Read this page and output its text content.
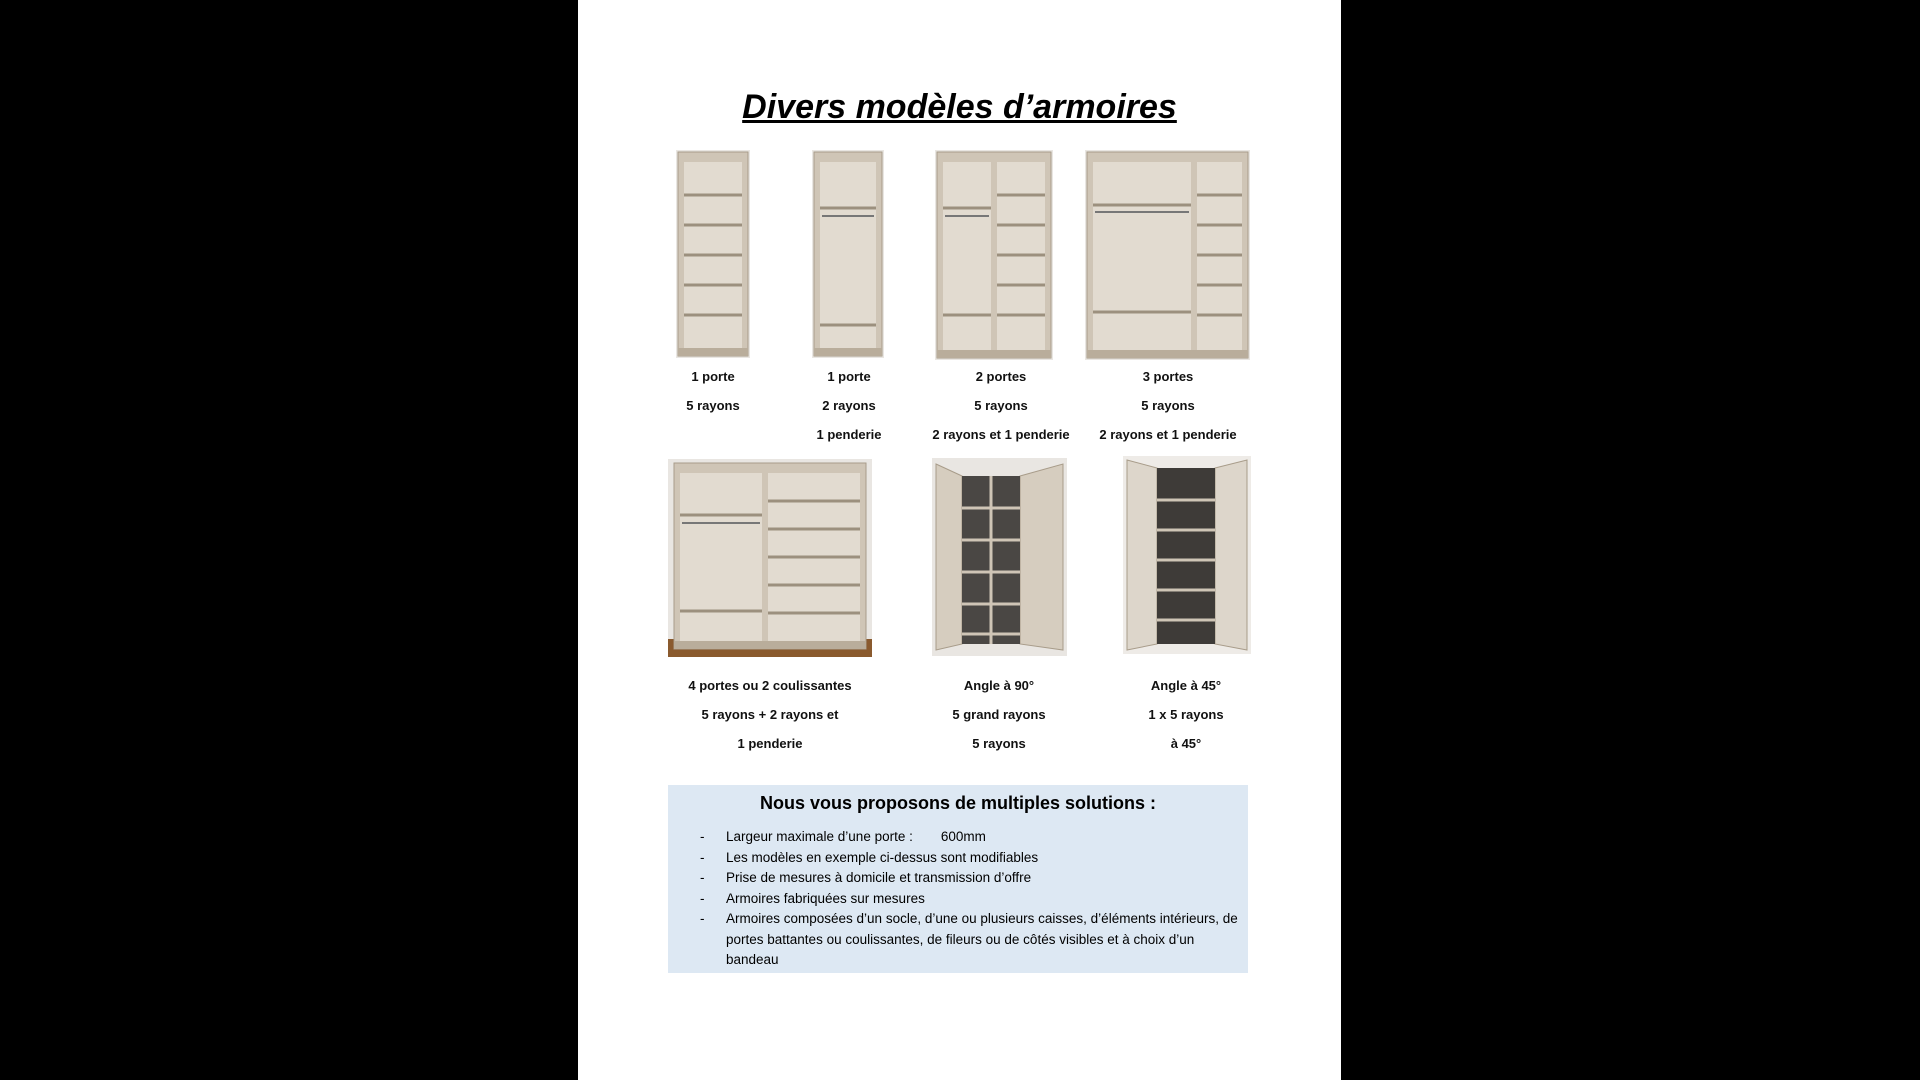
Divers modèles d’armoires
1 porte
5 rayons
1 porte
2 rayons
1 penderie
2 portes
5 rayons
2 rayons et 1 penderie
3 portes
5 rayons
2 rayons et 1 penderie
4 portes ou 2 coulissantes
5 rayons + 2 rayons et
1 penderie
Angle à 90°
5 grand rayons
5 rayons
Angle à 45°
1 x 5 rayons
à 45°
Nous vous proposons de multiples solutions :
- Largeur maximale d’une porte : 600mm
- Les modèles en exemple ci-dessus sont modifiables
- Prise de mesures à domicile et transmission d’offre
- Armoires fabriquées sur mesures
- Armoires composées d’un socle, d’une ou plusieurs caisses, d’éléments intérieurs, de portes battantes ou coulissantes, de fileurs ou de côtés visibles et à choix d’un bandeau
